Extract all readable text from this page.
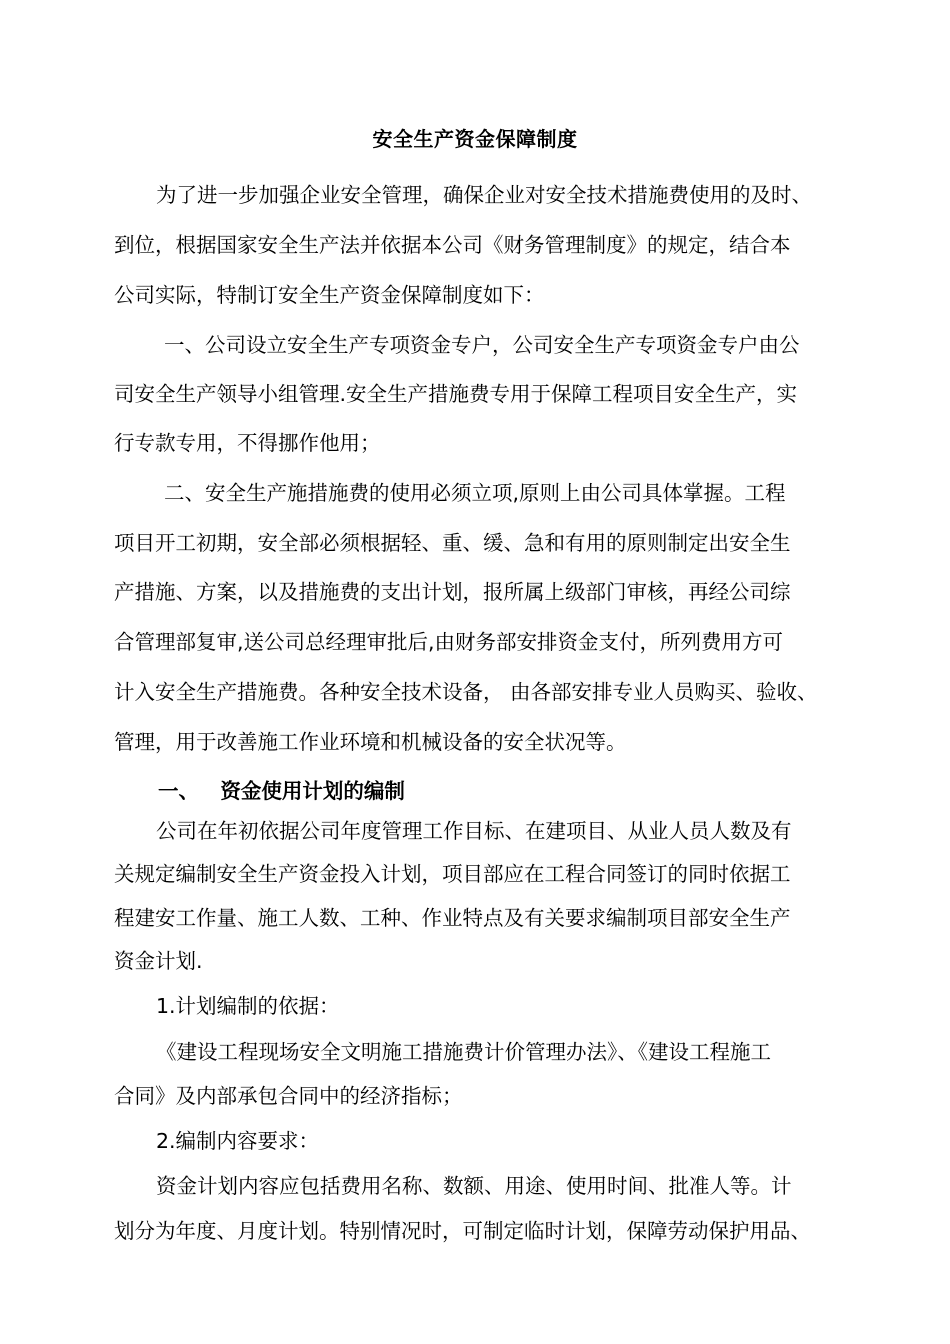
安全生产资金保障制度
为了进一步加强企业安全管理，确保企业对安全技术措施费使用的及时、
到位，根据国家安全生产法并依据本公司《财务管理制度》的规定，结合本
公司实际，特制订安全生产资金保障制度如下：
一、公司设立安全生产专项资金专户，公司安全生产专项资金专户由公
司安全生产领导小组管理.安全生产措施费专用于保障工程项目安全生产，实
行专款专用，不得挪作他用；
二、安全生产施措施费的使用必须立项,原则上由公司具体掌握。工程
项目开工初期，安全部必须根据轻、重、缓、急和有用的原则制定出安全生
产措施、方案，以及措施费的支出计划，报所属上级部门审核，再经公司综
合管理部复审,送公司总经理审批后,由财务部安排资金支付，所列费用方可
计入安全生产措施费。各种安全技术设备， 由各部安排专业人员购买、验收、
管理，用于改善施工作业环境和机械设备的安全状况等。
一、   资金使用计划的编制
公司在年初依据公司年度管理工作目标、在建项目、从业人员人数及有
关规定编制安全生产资金投入计划，项目部应在工程合同签订的同时依据工
程建安工作量、施工人数、工种、作业特点及有关要求编制项目部安全生产
资金计划.
1.计划编制的依据：
《建设工程现场安全文明施工措施费计价管理办法》、《建设工程施工
合同》及内部承包合同中的经济指标；
2.编制内容要求：
资金计划内容应包括费用名称、数额、用途、使用时间、批准人等。计
划分为年度、月度计划。特别情况时，可制定临时计划，保障劳动保护用品、
